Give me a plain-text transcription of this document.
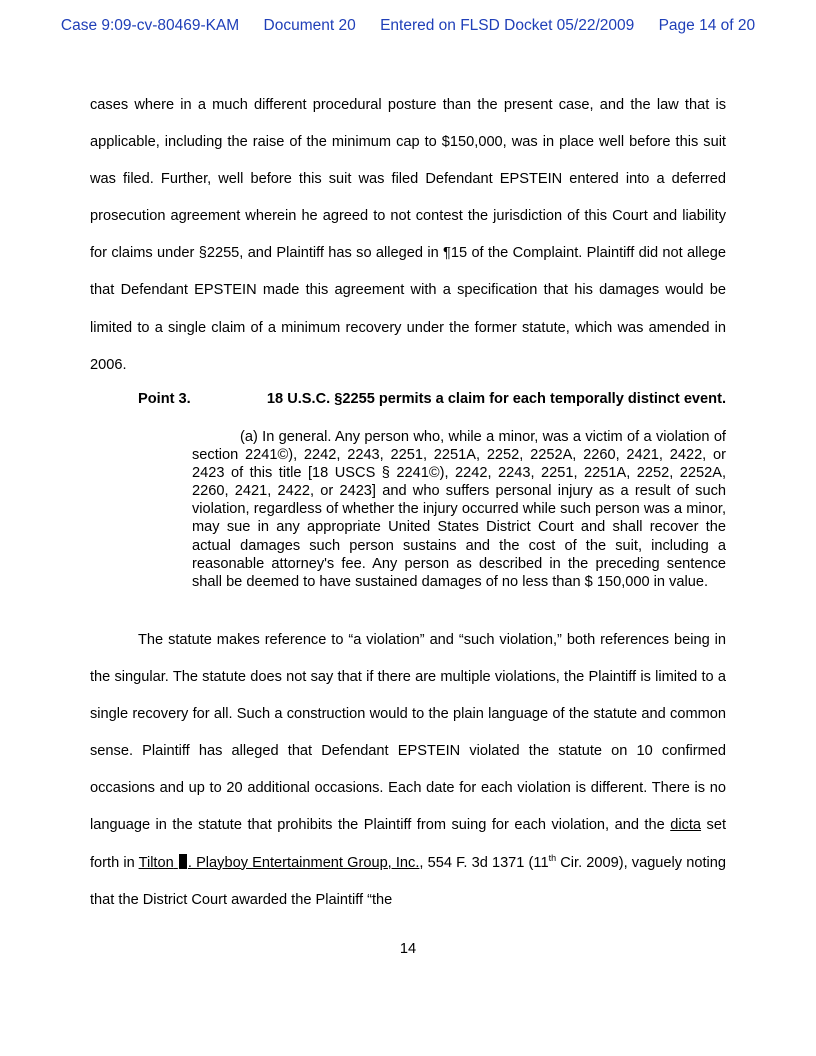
Case 9:09-cv-80469-KAM Document 20 Entered on FLSD Docket 05/22/2009 Page 14 of 20

cases where in a much different procedural posture than the present case, and the law that is applicable, including the raise of the minimum cap to $150,000, was in place well before this suit was filed. Further, well before this suit was filed Defendant EPSTEIN entered into a deferred prosecution agreement wherein he agreed to not contest the jurisdiction of this Court and liability for claims under §2255, and Plaintiff has so alleged in ¶15 of the Complaint. Plaintiff did not allege that Defendant EPSTEIN made this agreement with a specification that his damages would be limited to a single claim of a minimum recovery under the former statute, which was amended in 2006.

Point 3.	18 U.S.C. §2255 permits a claim for each temporally distinct event.
(a) In general. Any person who, while a minor, was a victim of a violation of section 2241©), 2242, 2243, 2251, 2251A, 2252, 2252A, 2260, 2421, 2422, or 2423 of this title [18 USCS § 2241©), 2242, 2243, 2251, 2251A, 2252, 2252A, 2260, 2421, 2422, or 2423] and who suffers personal injury as a result of such violation, regardless of whether the injury occurred while such person was a minor, may sue in any appropriate United States District Court and shall recover the actual damages such person sustains and the cost of the suit, including a reasonable attorney's fee. Any person as described in the preceding sentence shall be deemed to have sustained damages of no less than $ 150,000 in value.

The statute makes reference to “a violation” and “such violation,” both references being in the singular. The statute does not say that if there are multiple violations, the Plaintiff is limited to a single recovery for all. Such a construction would to the plain language of the statute and common sense. Plaintiff has alleged that Defendant EPSTEIN violated the statute on 10 confirmed occasions and up to 20 additional occasions. Each date for each violation is different. There is no language in the statute that prohibits the Plaintiff from suing for each violation, and the dicta set forth in Tilton . Playboy Entertainment Group, Inc., 554 F. 3d 1371 (11th Cir. 2009), vaguely noting that the District Court awarded the Plaintiff “the

14
